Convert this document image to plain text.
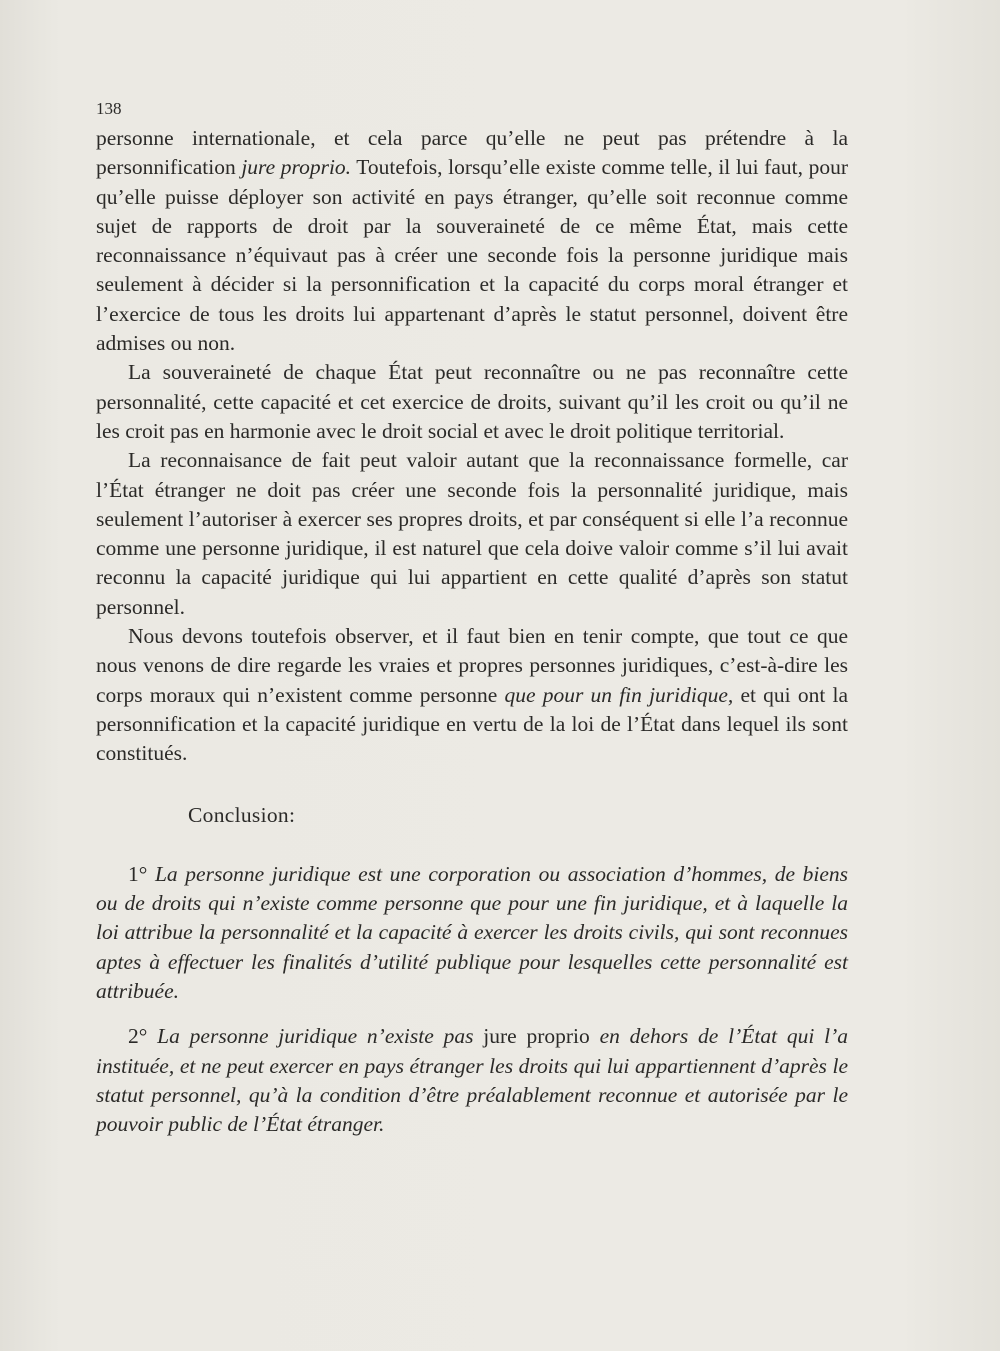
138

personne internationale, et cela parce qu’elle ne peut pas prétendre à la personnification jure proprio. Toutefois, lorsqu’elle existe comme telle, il lui faut, pour qu’elle puisse déployer son activité en pays étranger, qu’elle soit reconnue comme sujet de rapports de droit par la souveraineté de ce même État, mais cette reconnaissance n’équivaut pas à créer une seconde fois la personne juridique mais seulement à décider si la personnification et la capacité du corps moral étranger et l’exercice de tous les droits lui appartenant d’après le statut personnel, doivent être admises ou non.

La souveraineté de chaque État peut reconnaître ou ne pas reconnaître cette personnalité, cette capacité et cet exercice de droits, suivant qu’il les croit ou qu’il ne les croit pas en harmonie avec le droit social et avec le droit politique territorial.

La reconnaisance de fait peut valoir autant que la reconnaissance formelle, car l’État étranger ne doit pas créer une seconde fois la personnalité juridique, mais seulement l’autoriser à exercer ses propres droits, et par conséquent si elle l’a reconnue comme une personne juridique, il est naturel que cela doive valoir comme s’il lui avait reconnu la capacité juridique qui lui appartient en cette qualité d’après son statut personnel.

Nous devons toutefois observer, et il faut bien en tenir compte, que tout ce que nous venons de dire regarde les vraies et propres personnes juridiques, c’est-à-dire les corps moraux qui n’existent comme personne que pour un fin juridique, et qui ont la personnification et la capacité juridique en vertu de la loi de l’État dans lequel ils sont constitués.

Conclusion:

1° La personne juridique est une corporation ou association d’hommes, de biens ou de droits qui n’existe comme personne que pour une fin juridique, et à laquelle la loi attribue la personnalité et la capacité à exercer les droits civils, qui sont reconnues aptes à effectuer les finalités d’utilité publique pour lesquelles cette personnalité est attribuée.

2° La personne juridique n’existe pas jure proprio en dehors de l’État qui l’a instituée, et ne peut exercer en pays étranger les droits qui lui appartiennent d’après le statut personnel, qu’à la condition d’être préalablement reconnue et autorisée par le pouvoir public de l’État étranger.
